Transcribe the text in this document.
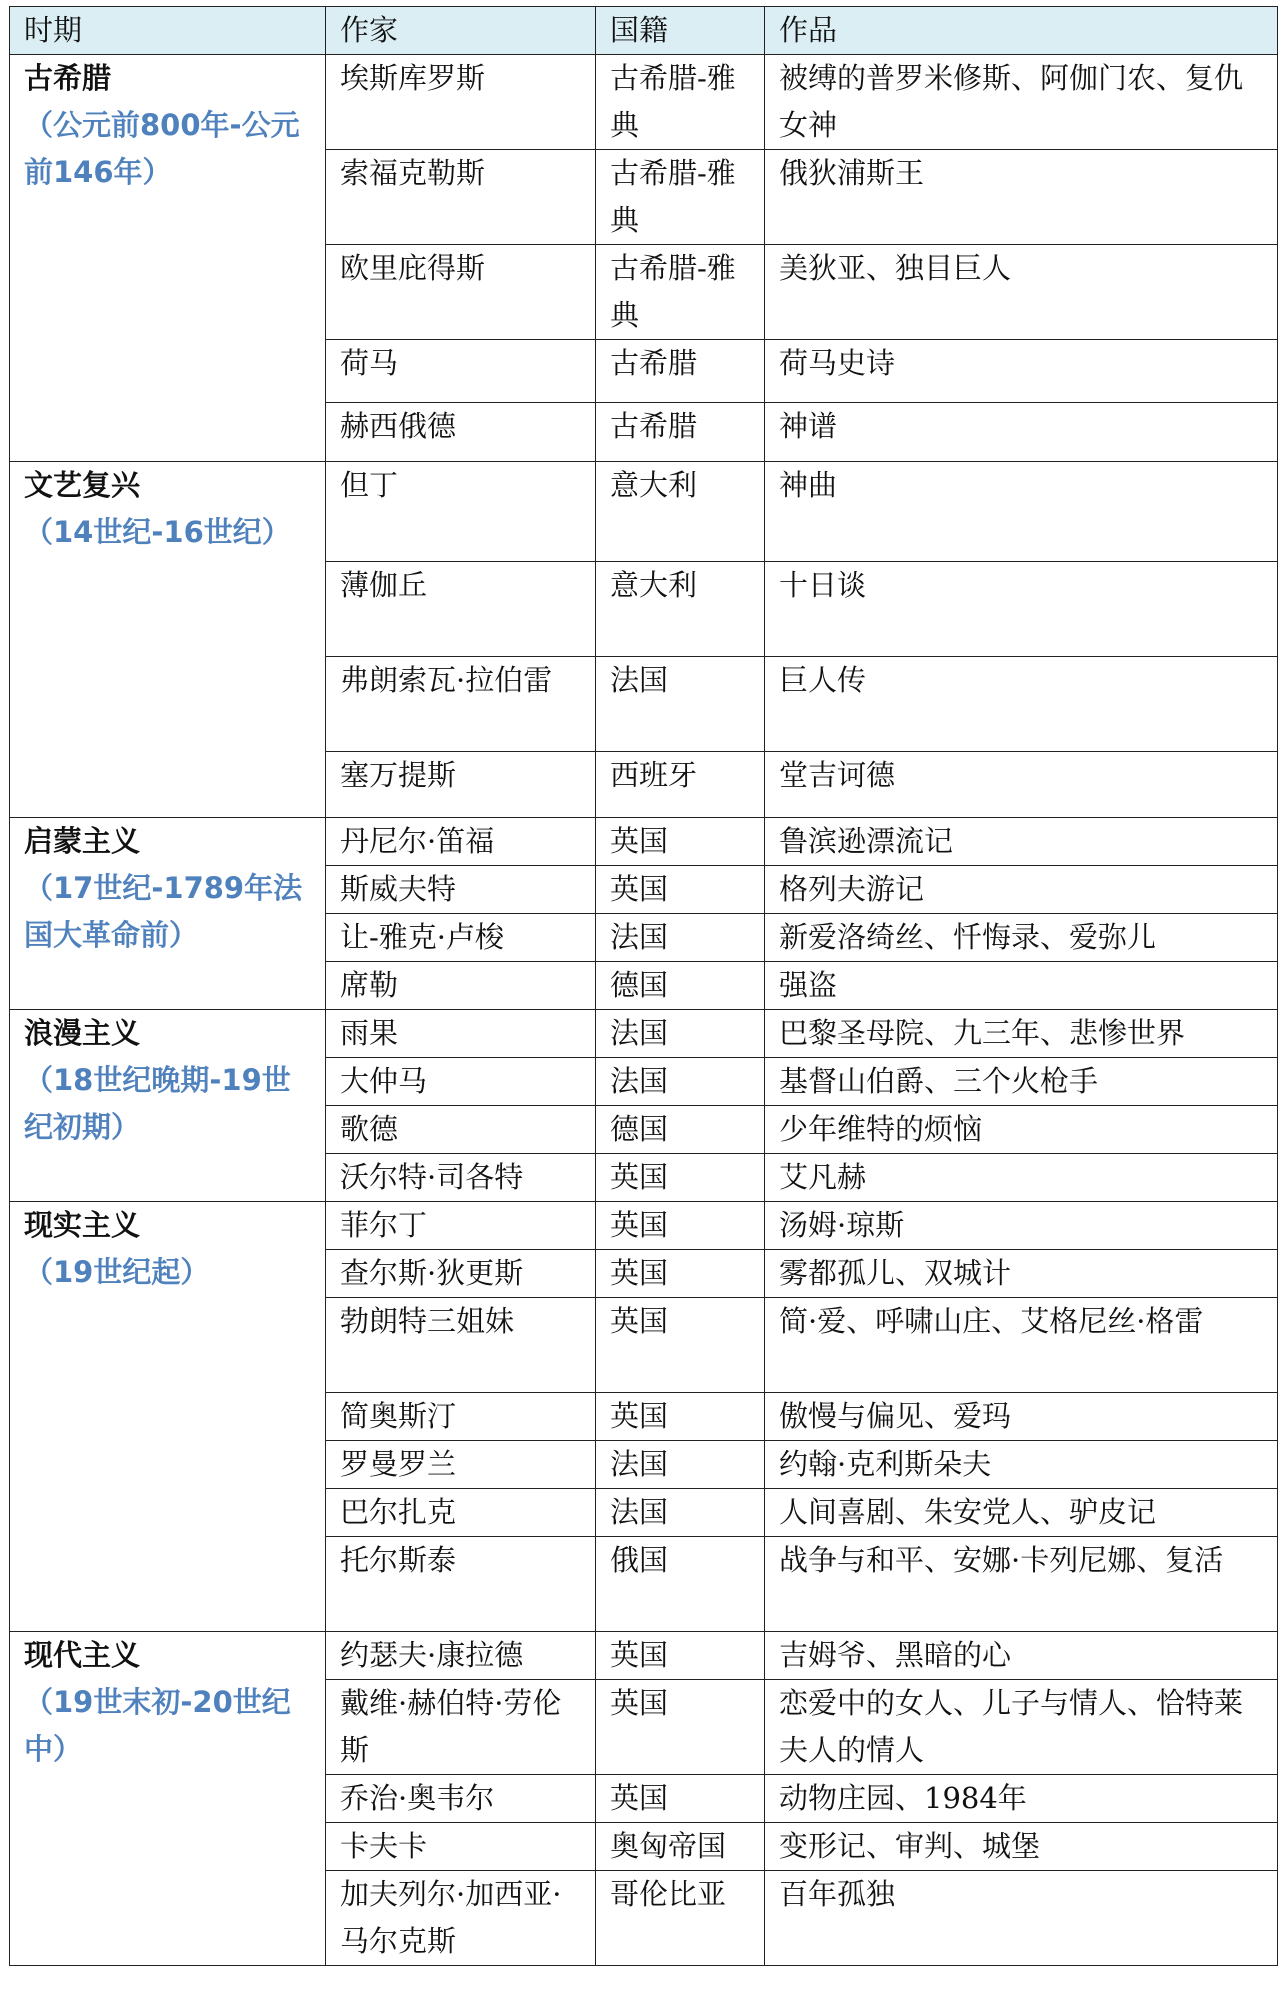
时期	作家	国籍	作品

古希腊
（公元前800年-公元前146年）	埃斯库罗斯	古希腊-雅典	被缚的普罗米修斯、阿伽门农、复仇女神
	索福克勒斯	古希腊-雅典	俄狄浦斯王
	欧里庇得斯	古希腊-雅典	美狄亚、独目巨人
	荷马	古希腊	荷马史诗
	赫西俄德	古希腊	神谱

文艺复兴
（14世纪-16世纪）	但丁	意大利	神曲
	薄伽丘	意大利	十日谈
	弗朗索瓦·拉伯雷	法国	巨人传
	塞万提斯	西班牙	堂吉诃德

启蒙主义
（17世纪-1789年法国大革命前）	丹尼尔·笛福	英国	鲁滨逊漂流记
	斯威夫特	英国	格列夫游记
	让-雅克·卢梭	法国	新爱洛绮丝、忏悔录、爱弥儿
	席勒	德国	强盗

浪漫主义
（18世纪晚期-19世纪初期）	雨果	法国	巴黎圣母院、九三年、悲惨世界
	大仲马	法国	基督山伯爵、三个火枪手
	歌德	德国	少年维特的烦恼
	沃尔特·司各特	英国	艾凡赫

现实主义
（19世纪起）	菲尔丁	英国	汤姆·琼斯
	查尔斯·狄更斯	英国	雾都孤儿、双城计
	勃朗特三姐妹	英国	简·爱、呼啸山庄、艾格尼丝·格雷
	简奥斯汀	英国	傲慢与偏见、爱玛
	罗曼罗兰	法国	约翰·克利斯朵夫
	巴尔扎克	法国	人间喜剧、朱安党人、驴皮记
	托尔斯泰	俄国	战争与和平、安娜·卡列尼娜、复活

现代主义
（19世末初-20世纪中）	约瑟夫·康拉德	英国	吉姆爷、黑暗的心
	戴维·赫伯特·劳伦斯	英国	恋爱中的女人、儿子与情人、恰特莱夫人的情人
	乔治·奥韦尔	英国	动物庄园、1984年
	卡夫卡	奥匈帝国	变形记、审判、城堡
	加夫列尔·加西亚·马尔克斯	哥伦比亚	百年孤独
